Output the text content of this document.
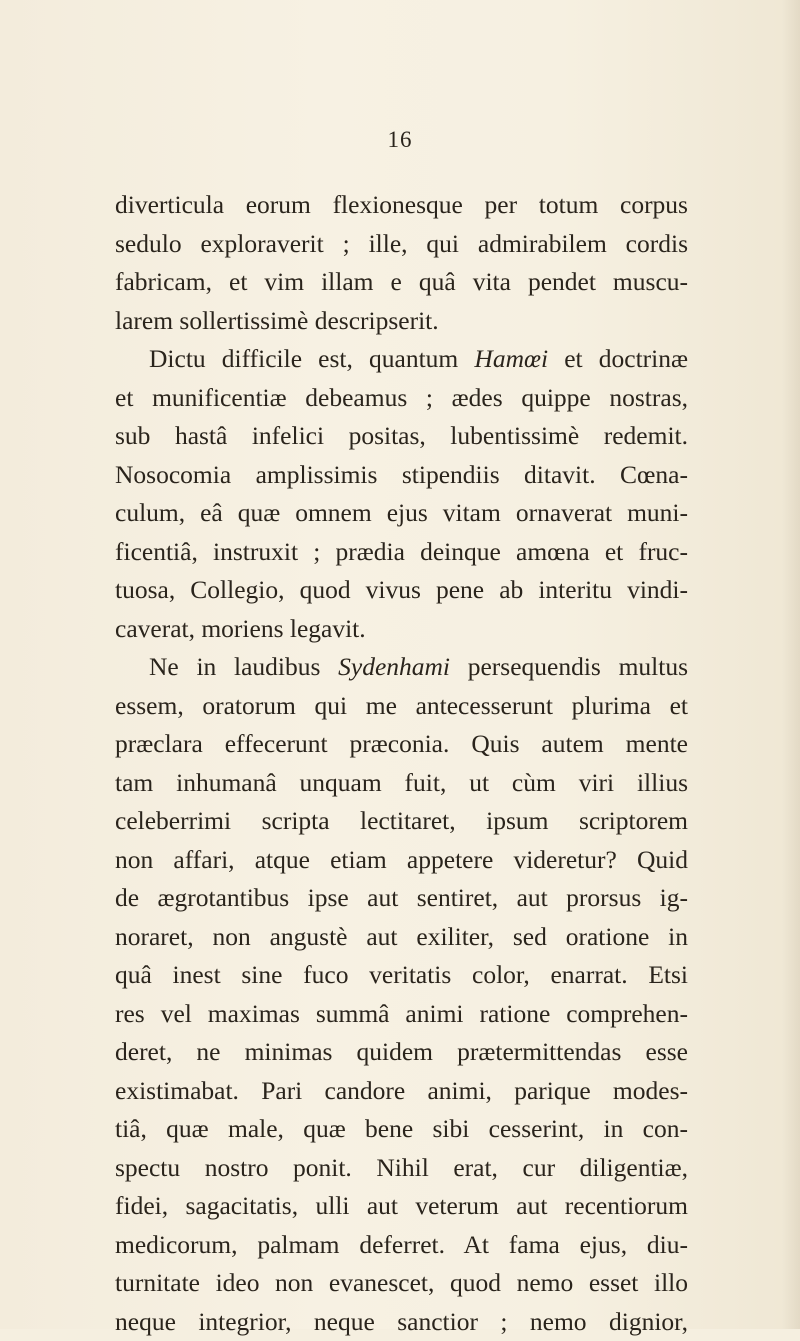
16
diverticula eorum flexionesque per totum corpus
sedulo exploraverit ; ille, qui admirabilem cordis
fabricam, et vim illam e quâ vita pendet muscu-
larem sollertissimè descripserit.
Dictu difficile est, quantum Hamœi et doctrinæ
et munificentiæ debeamus ; ædes quippe nostras,
sub hastâ infelici positas, lubentissimè redemit.
Nosocomia amplissimis stipendiis ditavit. Cœna-
culum, eâ quæ omnem ejus vitam ornaverat muni-
ficentiâ, instruxit ; prædia deinque amœna et fruc-
tuosa, Collegio, quod vivus pene ab interitu vindi-
caverat, moriens legavit.
Ne in laudibus Sydenhami persequendis multus
essem, oratorum qui me antecesserunt plurima et
præclara effecerunt præconia. Quis autem mente
tam inhumanâ unquam fuit, ut cùm viri illius
celeberrimi scripta lectitaret, ipsum scriptorem
non affari, atque etiam appetere videretur? Quid
de ægrotantibus ipse aut sentiret, aut prorsus ig-
noraret, non angustè aut exiliter, sed oratione in
quâ inest sine fuco veritatis color, enarrat. Etsi
res vel maximas summâ animi ratione comprehen-
deret, ne minimas quidem prætermittendas esse
existimabat. Pari candore animi, parique modes-
tiâ, quæ male, quæ bene sibi cesserint, in con-
spectu nostro ponit. Nihil erat, cur diligentiæ,
fidei, sagacitatis, ulli aut veterum aut recentiorum
medicorum, palmam deferret. At fama ejus, diu-
turnitate ideo non evanescet, quod nemo esset illo
neque integrior, neque sanctior ; nemo dignior,
